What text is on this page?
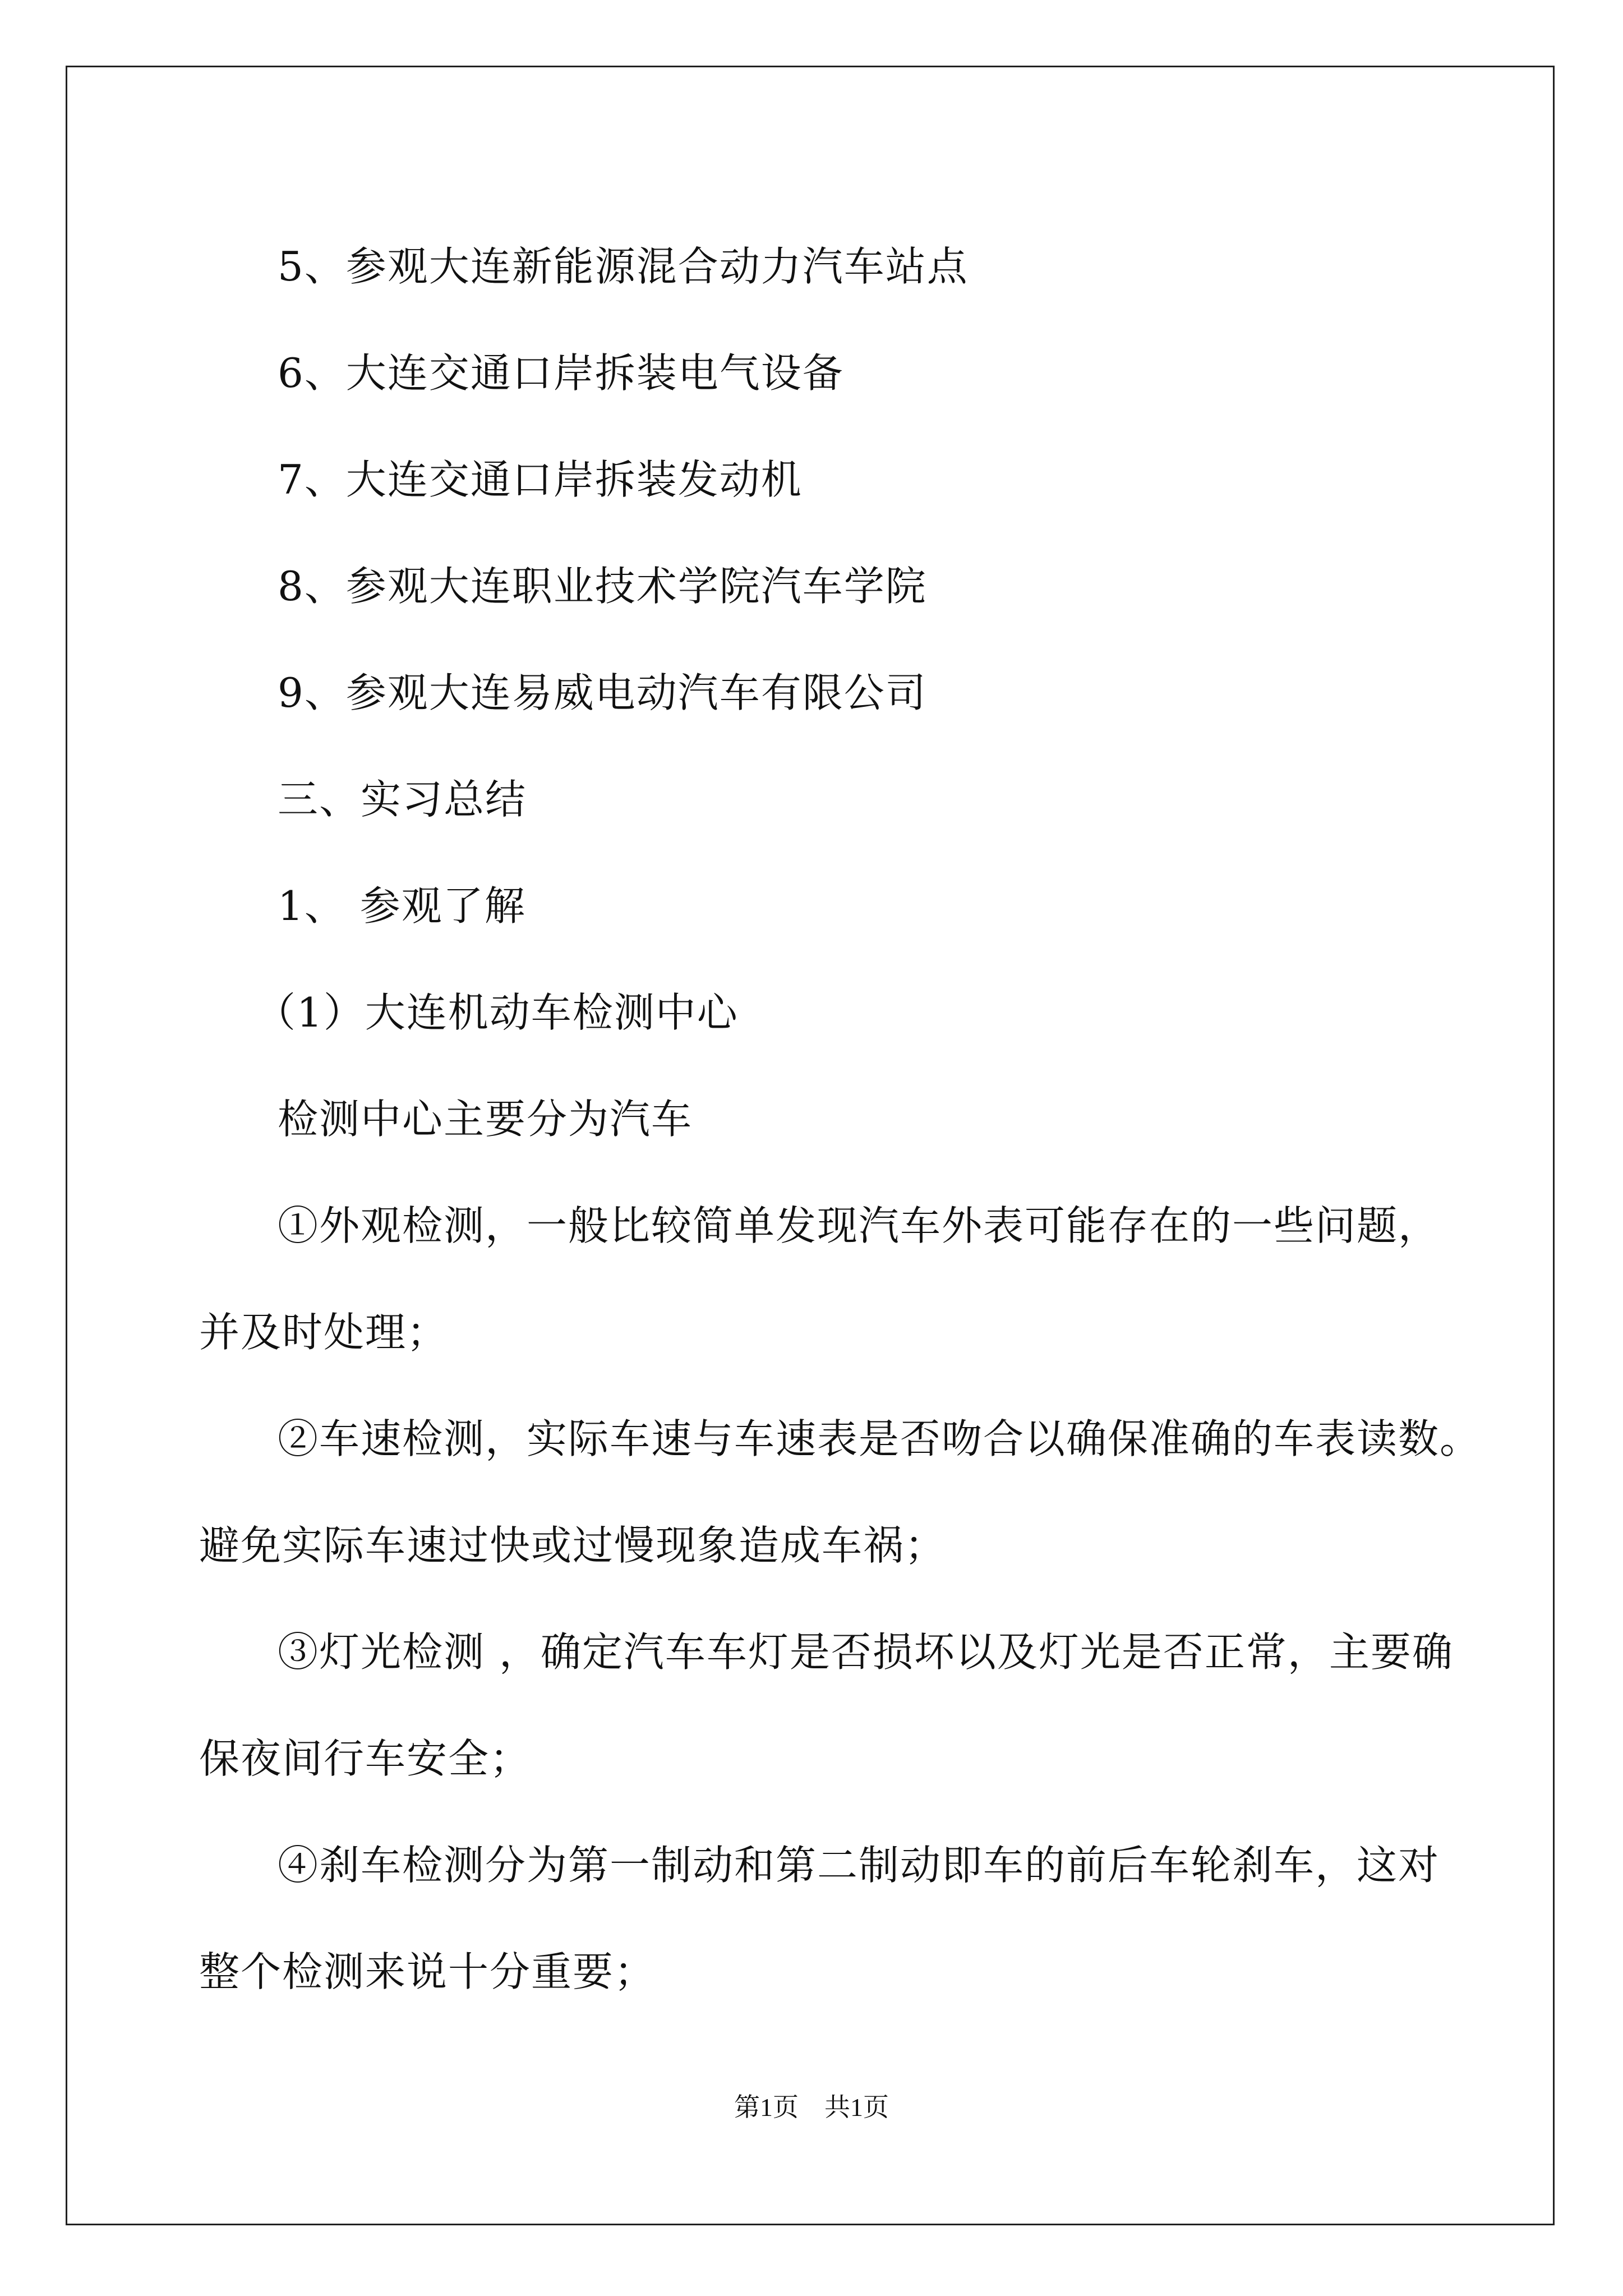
5、参观大连新能源混合动力汽车站点
6、大连交通口岸拆装电气设备
7、大连交通口岸拆装发动机
8、参观大连职业技术学院汽车学院
9、参观大连易威电动汽车有限公司
三、实习总结
1、 参观了解
（1）大连机动车检测中心
检测中心主要分为汽车
①外观检测，一般比较简单发现汽车外表可能存在的一些问题，
并及时处理；
②车速检测，实际车速与车速表是否吻合以确保准确的车表读数。
避免实际车速过快或过慢现象造成车祸；
③灯光检测 ，确定汽车车灯是否损坏以及灯光是否正常，主要确
保夜间行车安全；
④刹车检测分为第一制动和第二制动即车的前后车轮刹车，这对
整个检测来说十分重要；
第1页　共1页
